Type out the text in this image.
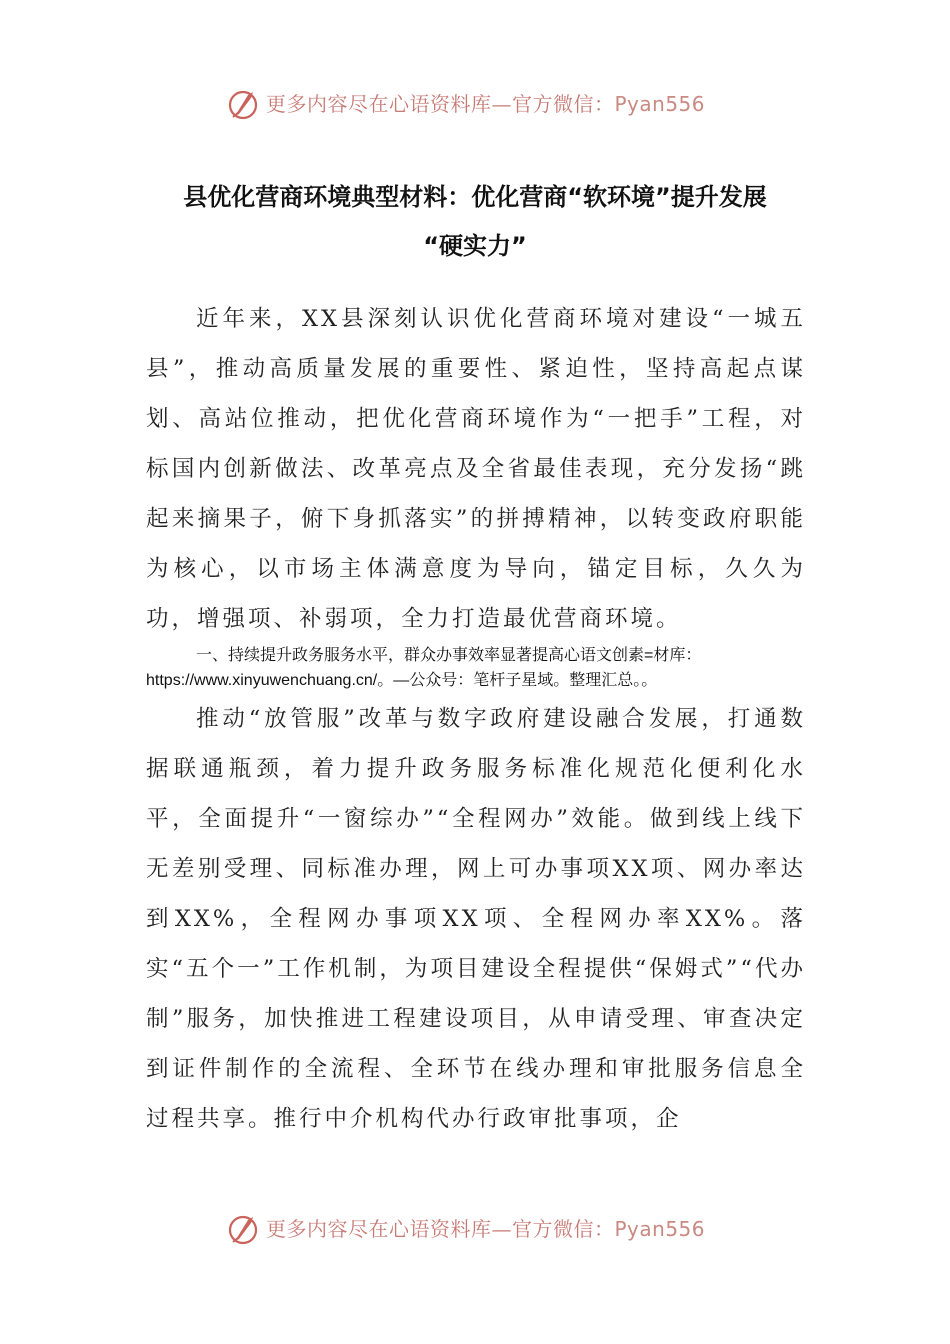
更多内容尽在心语资料库—官方微信：Pyan556
县优化营商环境典型材料：优化营商“软环境”提升发展
“硬实力”

近年来，XX县深刻认识优化营商环境对建设“一城五县”，推动高质量发展的重要性、紧迫性，坚持高起点谋划、高站位推动，把优化营商环境作为“一把手”工程，对标国内创新做法、改革亮点及全省最佳表现，充分发扬“跳起来摘果子，俯下身抓落实”的拼搏精神，以转变政府职能为核心，以市场主体满意度为导向，锚定目标，久久为功，增强项、补弱项，全力打造最优营商环境。

一、持续提升政务服务水平，群众办事效率显著提高心语文创素=材库：
https://www.xinyuwenchuang.cn/。—公众号：笔杆子星域。整理汇总。。

推动“放管服”改革与数字政府建设融合发展，打通数据联通瓶颈，着力提升政务服务标准化规范化便利化水平，全面提升“一窗综办”“全程网办”效能。做到线上线下无差别受理、同标准办理，网上可办事项XX项、网办率达到XX%，全程网办事项XX项、全程网办率XX%。落实“五个一”工作机制，为项目建设全程提供“保姆式”“代办制”服务，加快推进工程建设项目，从申请受理、审查决定到证件制作的全流程、全环节在线办理和审批服务信息全过程共享。推行中介机构代办行政审批事项，企

更多内容尽在心语资料库—官方微信：Pyan556
